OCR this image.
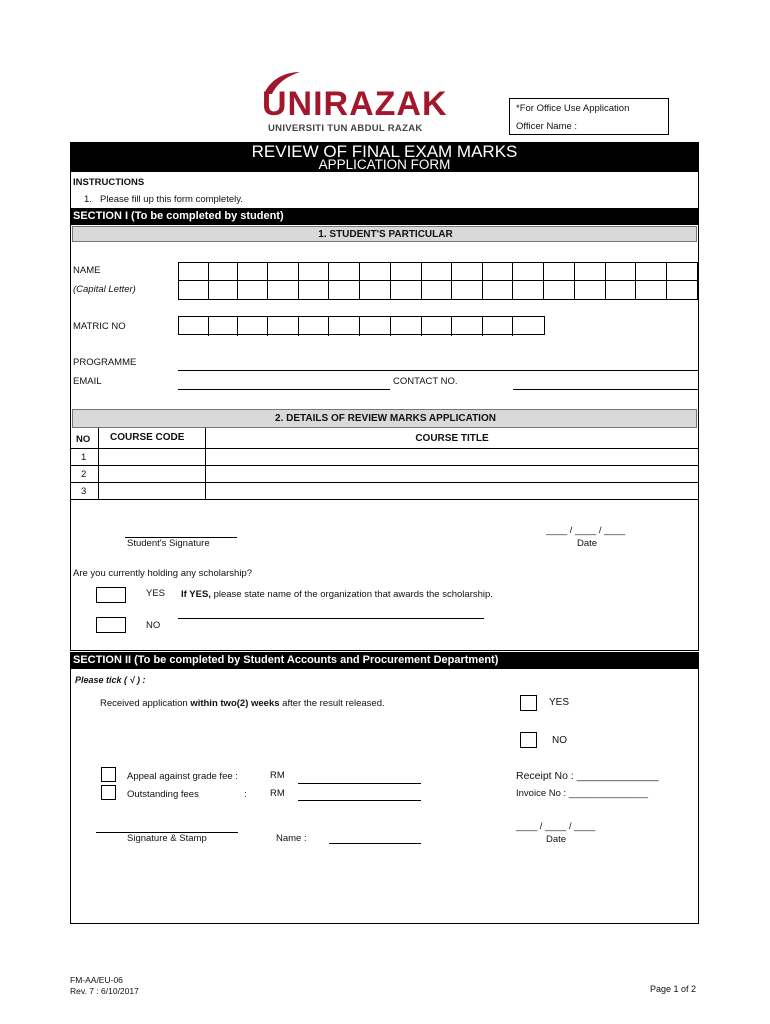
UNIRAZAK
UNIVERSITI TUN ABDUL RAZAK
*For Office Use Application
Officer Name :
REVIEW OF FINAL EXAM MARKS
APPLICATION FORM
INSTRUCTIONS
1. Please fill up this form completely.
SECTION I (To be completed by student)
1. STUDENT'S PARTICULAR
NAME
(Capital Letter)
MATRIC NO
PROGRAMME
EMAIL	CONTACT NO.
2. DETAILS OF REVIEW MARKS APPLICATION
NO COURSE CODE	COURSE TITLE
1
2
3
Student's Signature
____ / ____ / ____
Date
Are you currently holding any scholarship?
YES If YES, please state name of the organization that awards the scholarship.
NO
SECTION II (To be completed by Student Accounts and Procurement Department)
Please tick ( √ ) :
Received application within two(2) weeks after the result released.	YES
NO
Appeal against grade fee :	RM
Outstanding fees	: RM
Receipt No : ______________
Invoice No : _______________
Signature & Stamp	Name :
____ / ____ / ____
Date
FM-AA/EU-06
Rev. 7 : 6/10/2017	Page 1 of 2
